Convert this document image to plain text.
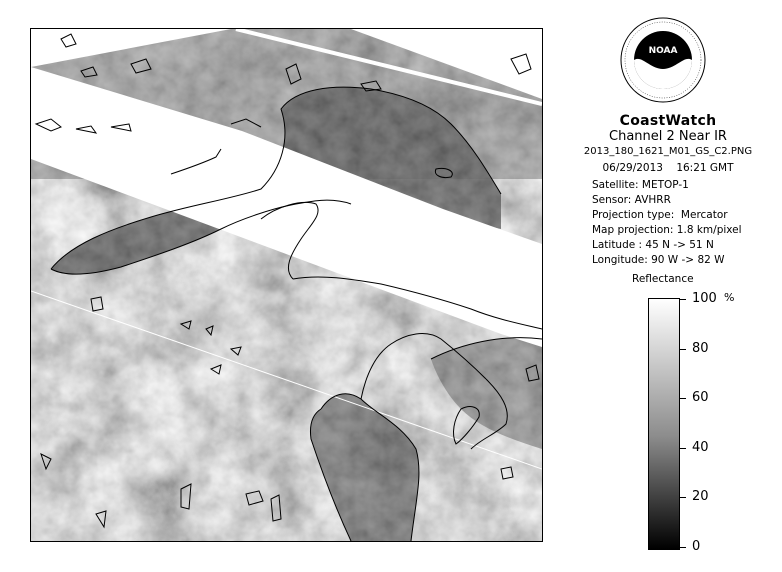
NOAA
CoastWatch
Channel 2 Near IR
2013_180_1621_M01_GS_C2.PNG
06/29/2013    16:21 GMT
Satellite: METOP-1
Sensor: AVHRR
Projection type:  Mercator
Map projection: 1.8 km/pixel
Latitude : 45 N -> 51 N
Longitude: 90 W -> 82 W
Reflectance
%
100
80
60
40
20
0
